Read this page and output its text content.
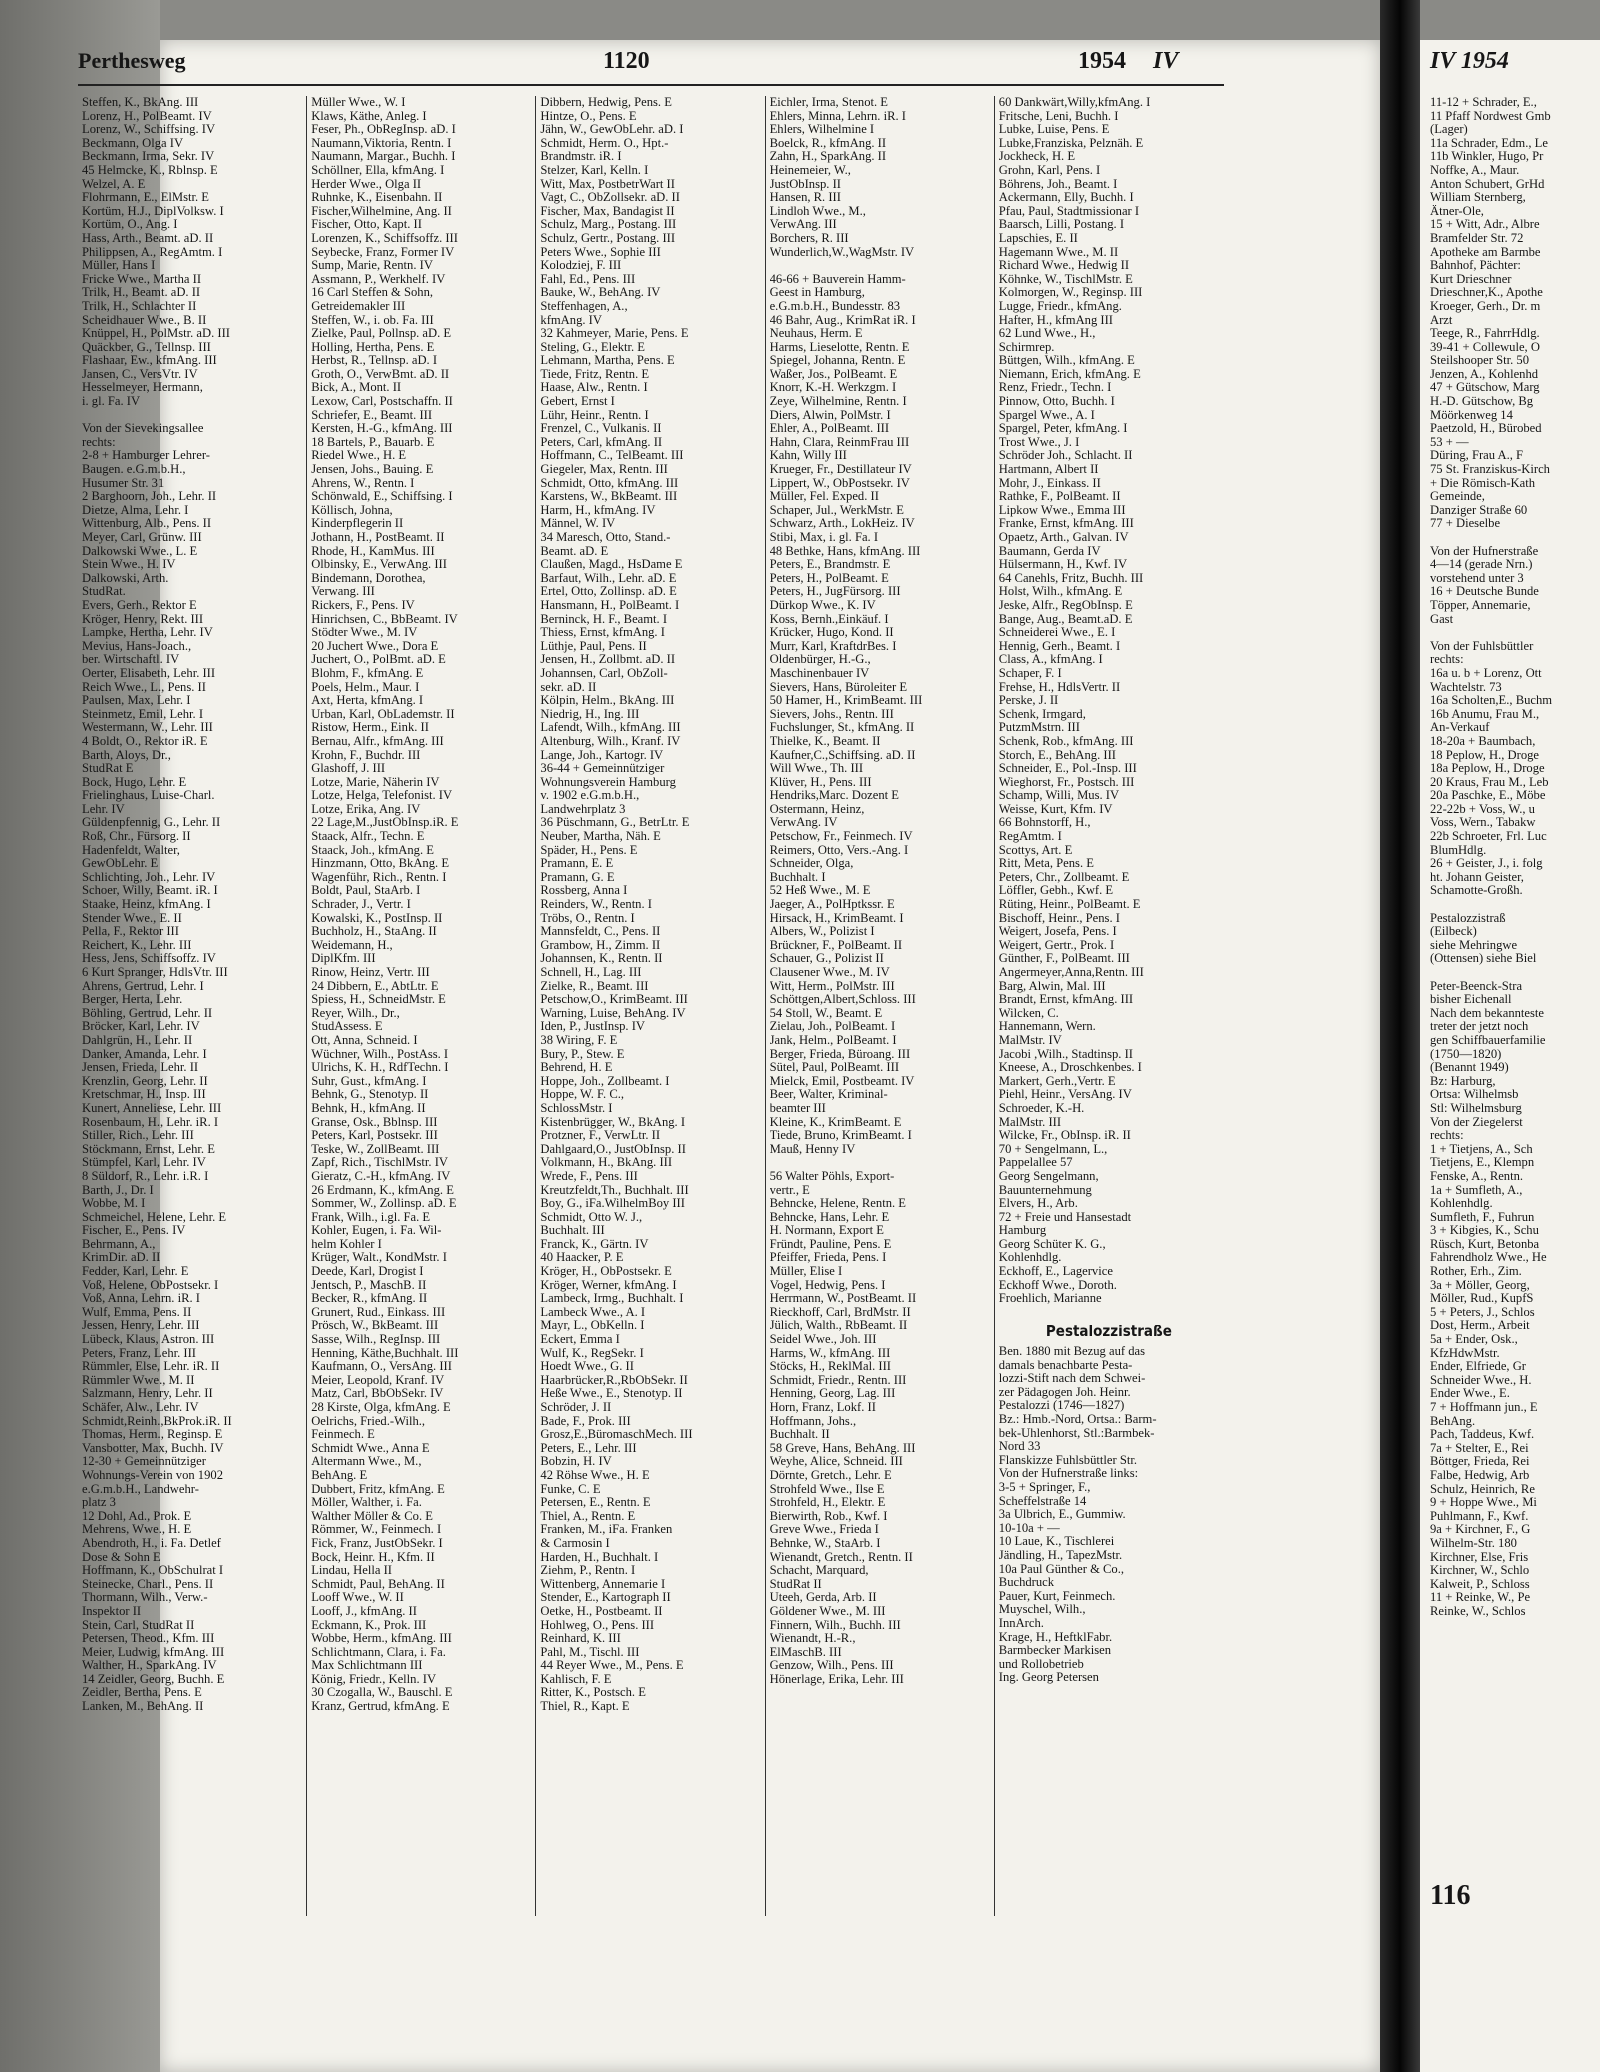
Perthesweg	1120	1954 IV
Steffen, K., BkAng. III
Lorenz, H., PolBeamt. IV
Lorenz, W., Schiffsing. IV
Beckmann, Olga IV
Beckmann, Irma, Sekr. IV
45 Helmcke, K., Rblnsp. E
Welzel, A. E
Flohrmann, E., ElMstr. E
Kortüm, H.J., DiplVolksw. I
Kortüm, O., Ang. I
Hass, Arth., Beamt. aD. II
Philippsen, A., RegAmtm. I
Müller, Hans I
Fricke Wwe., Martha II
Trilk, H., Beamt. aD. II
Trilk, H., Schlachter II
Scheidhauer Wwe., B. II
Knüppel, H., PolMstr. aD. III
Quäckber, G., Tellnsp. III
Flashaar, Ew., kfmAng. III
Jansen, C., VersVtr. IV
Hesselmeyer, Hermann,
i. gl. Fa. IV

Von der Sievekingsallee
rechts:
2-8 + Hamburger Lehrer-
Baugen. e.G.m.b.H.,
Husumer Str. 31
2 Barghoorn, Joh., Lehr. II
Dietze, Alma, Lehr. I
Wittenburg, Alb., Pens. II
Meyer, Carl, Grünw. III
Dalkowski Wwe., L. E
Stein Wwe., H. IV
Dalkowski, Arth.
StudRat.
Evers, Gerh., Rektor E
Kröger, Henry, Rekt. III
Lampke, Hertha, Lehr. IV
Mevius, Hans-Joach.,
ber. Wirtschaftl. IV
Oerter, Elisabeth, Lehr. III
Reich Wwe., L., Pens. II
Paulsen, Max, Lehr. I
Steinmetz, Emil, Lehr. I
Westermann, W., Lehr. III
4 Boldt, O., Rektor iR. E
Barth, Aloys, Dr.,
StudRat E
Bock, Hugo, Lehr. E
Frielinghaus, Luise-Charl.
Lehr. IV
Güldenpfennig, G., Lehr. II
Roß, Chr., Fürsorg. II
Hadenfeldt, Walter,
GewObLehr. E
Schlichting, Joh., Lehr. IV
Schoer, Willy, Beamt. iR. I
Staake, Heinz, kfmAng. I
Stender Wwe., E. II
Pella, F., Rektor III
Reichert, K., Lehr. III
Hess, Jens, Schiffsoffz. IV
6 Kurt Spranger, HdlsVtr. III
Ahrens, Gertrud, Lehr. I
Berger, Herta, Lehr.
Böhling, Gertrud, Lehr. II
Bröcker, Karl, Lehr. IV
Dahlgrün, H., Lehr. II
Danker, Amanda, Lehr. I
Jensen, Frieda, Lehr. II
Krenzlin, Georg, Lehr. II
Kretschmar, H., Insp. III
Kunert, Anneliese, Lehr. III
Rosenbaum, H., Lehr. iR. I
Stiller, Rich., Lehr. III
Stöckmann, Ernst, Lehr. E
Stümpfel, Karl, Lehr. IV
8 Süldorf, R., Lehr. i.R. I
Barth, J., Dr. I
Wobbe, M. I
Schmeichel, Helene, Lehr. E
Fischer, E., Pens. IV
Behrmann, A.,
KrimDir. aD. II
Fedder, Karl, Lehr. E
Voß, Helene, ObPostsekr. I
Voß, Anna, Lehrn. iR. I
Wulf, Emma, Pens. II
Jessen, Henry, Lehr. III
Lübeck, Klaus, Astron. III
Peters, Franz, Lehr. III
Rümmler, Else, Lehr. iR. II
Rümmler Wwe., M. II
Salzmann, Henry, Lehr. II
Schäfer, Alw., Lehr. IV
Schmidt,Reinh.,BkProk.iR. II
Thomas, Herm., Reginsp. E
Vansbotter, Max, Buchh. IV
12-30 + Gemeinnütziger
Wohnungs-Verein von 1902
e.G.m.b.H., Landwehr-
platz 3
12 Dohl, Ad., Prok. E
Mehrens, Wwe., H. E
Abendroth, H., i. Fa. Detlef
Dose & Sohn E
Hoffmann, K., ObSchulrat I
Steinecke, Charl., Pens. II
Thormann, Wilh., Verw.-
Inspektor II
Stein, Carl, StudRat II
Petersen, Theod., Kfm. III
Meier, Ludwig, kfmAng. III
Walther, H., SparkAng. IV
14 Zeidler, Georg, Buchh. E
Zeidler, Bertha, Pens. E
Lanken, M., BehAng. II
Müller Wwe., W. I
Klaws, Käthe, Anleg. I
Feser, Ph., ObRegInsp. aD. I
Naumann,Viktoria, Rentn. I
Naumann, Margar., Buchh. I
Schöllner, Ella, kfmAng. I
Herder Wwe., Olga II
Ruhnke, K., Eisenbahn. II
Fischer,Wilhelmine, Ang. II
Fischer, Otto, Kapt. II
Lorenzen, K., Schiffsoffz. III
Seybecke, Franz, Former IV
Sump, Marie, Rentn. IV
Assmann, P., Werkhelf. IV
16 Carl Steffen & Sohn,
Getreidemakler III
Steffen, W., i. ob. Fa. III
Zielke, Paul, Pollnsp. aD. E
Holling, Hertha, Pens. E
Herbst, R., Tellnsp. aD. I
Groth, O., VerwBmt. aD. II
Bick, A., Mont. II
Lexow, Carl, Postschaffn. II
Schriefer, E., Beamt. III
Kersten, H.-G., kfmAng. III
18 Bartels, P., Bauarb. E
Riedel Wwe., H. E
Jensen, Johs., Bauing. E
Ahrens, W., Rentn. I
Schönwald, E., Schiffsing. I
Köllisch, Johna,
Kinderpflegerin II
Jothann, H., PostBeamt. II
Rhode, H., KamMus. III
Olbinsky, E., VerwAng. III
Bindemann, Dorothea,
Verwang. III
Rickers, F., Pens. IV
Hinrichsen, C., BbBeamt. IV
Stödter Wwe., M. IV
20 Juchert Wwe., Dora E
Juchert, O., PolBmt. aD. E
Blohm, F., kfmAng. E
Poels, Helm., Maur. I
Axt, Herta, kfmAng. I
Urban, Karl, ObLademstr. II
Ristow, Herm., Eink. II
Bernau, Alfr., kfmAng. III
Krohn, F., Buchdr. III
Glashoff, J. III
Lotze, Marie, Näherin IV
Lotze, Helga, Telefonist. IV
Lotze, Erika, Ang. IV
22 Lage,M.,JustObInsp.iR. E
Staack, Alfr., Techn. E
Staack, Joh., kfmAng. E
Hinzmann, Otto, BkAng. E
Wagenführ, Rich., Rentn. I
Boldt, Paul, StaArb. I
Schrader, J., Vertr. I
Kowalski, K., PostInsp. II
Buchholz, H., StaAng. II
Weidemann, H.,
DiplKfm. III
Rinow, Heinz, Vertr. III
24 Dibbern, E., AbtLtr. E
Spiess, H., SchneidMstr. E
Reyer, Wilh., Dr.,
StudAssess. E
Ott, Anna, Schneid. I
Wüchner, Wilh., PostAss. I
Ulrichs, K. H., RdfTechn. I
Suhr, Gust., kfmAng. I
Behnk, G., Stenotyp. II
Behnk, H., kfmAng. II
Granse, Osk., Bblnsp. III
Peters, Karl, Postsekr. III
Teske, W., ZollBeamt. III
Zapf, Rich., TischlMstr. IV
Gieratz, C.-H., kfmAng. IV
26 Erdmann, K., kfmAng. E
Sommer, W., Zollinsp. aD. E
Frank, Wilh., i.gl. Fa. E
Kohler, Eugen, i. Fa. Wil-
helm Kohler I
Krüger, Walt., KondMstr. I
Deede, Karl, Drogist I
Jentsch, P., MaschB. II
Becker, R., kfmAng. II
Grunert, Rud., Einkass. III
Prösch, W., BkBeamt. III
Sasse, Wilh., RegInsp. III
Henning, Käthe,Buchhalt. III
Kaufmann, O., VersAng. III
Meier, Leopold, Kranf. IV
Matz, Carl, BbObSekr. IV
28 Kirste, Olga, kfmAng. E
Oelrichs, Fried.-Wilh.,
Feinmech. E
Schmidt Wwe., Anna E
Altermann Wwe., M.,
BehAng. E
Dubbert, Fritz, kfmAng. E
Möller, Walther, i. Fa.
Walther Möller & Co. E
Römmer, W., Feinmech. I
Fick, Franz, JustObSekr. I
Bock, Heinr. H., Kfm. II
Lindau, Hella II
Schmidt, Paul, BehAng. II
Looff Wwe., W. II
Looff, J., kfmAng. II
Eckmann, K., Prok. III
Wobbe, Herm., kfmAng. III
Schlichtmann, Clara, i. Fa.
Max Schlichtmann III
König, Friedr., Kelln. IV
30 Czogalla, W., Bauschl. E
Kranz, Gertrud, kfmAng. E
Dibbern, Hedwig, Pens. E
Hintze, O., Pens. E
Jähn, W., GewObLehr. aD. I
Schmidt, Herm. O., Hpt.-
Brandmstr. iR. I
Stelzer, Karl, Kelln. I
Witt, Max, PostbetrWart II
Vagt, C., ObZollsekr. aD. II
Fischer, Max, Bandagist II
Schulz, Marg., Postang. III
Schulz, Gertr., Postang. III
Peters Wwe., Sophie III
Kolodziej, F. III
Fahl, Ed., Pens. III
Bauke, W., BehAng. IV
Steffenhagen, A.,
kfmAng. IV
32 Kahmeyer, Marie, Pens. E
Steling, G., Elektr. E
Lehmann, Martha, Pens. E
Tiede, Fritz, Rentn. E
Haase, Alw., Rentn. I
Gebert, Ernst I
Lühr, Heinr., Rentn. I
Frenzel, C., Vulkanis. II
Peters, Carl, kfmAng. II
Hoffmann, C., TelBeamt. III
Giegeler, Max, Rentn. III
Schmidt, Otto, kfmAng. III
Karstens, W., BkBeamt. III
Harm, H., kfmAng. IV
Männel, W. IV
34 Maresch, Otto, Stand.-
Beamt. aD. E
Claußen, Magd., HsDame E
Barfaut, Wilh., Lehr. aD. E
Ertel, Otto, Zollinsp. aD. E
Hansmann, H., PolBeamt. I
Berninck, H. F., Beamt. I
Thiess, Ernst, kfmAng. I
Lüthje, Paul, Pens. II
Jensen, H., Zollbmt. aD. II
Johannsen, Carl, ObZoll-
sekr. aD. II
Kölpin, Helm., BkAng. III
Niedrig, H., Ing. III
Lafendt, Wilh., kfmAng. III
Altenburg, Wilh., Kranf. IV
Lange, Joh., Kartogr. IV
36-44 + Gemeinnütziger
Wohnungsverein Hamburg
v. 1902 e.G.m.b.H.,
Landwehrplatz 3
36 Püschmann, G., BetrLtr. E
Neuber, Martha, Näh. E
Späder, H., Pens. E
Pramann, E. E
Pramann, G. E
Rossberg, Anna I
Reinders, W., Rentn. I
Tröbs, O., Rentn. I
Mannsfeldt, C., Pens. II
Grambow, H., Zimm. II
Johannsen, K., Rentn. II
Schnell, H., Lag. III
Zielke, R., Beamt. III
Petschow,O., KrimBeamt. III
Warning, Luise, BehAng. IV
Iden, P., JustInsp. IV
38 Wiring, F. E
Bury, P., Stew. E
Behrend, H. E
Hoppe, Joh., Zollbeamt. I
Hoppe, W. F. C.,
SchlossMstr. I
Kistenbrügger, W., BkAng. I
Protzner, F., VerwLtr. II
Dahlgaard,O., JustObInsp. II
Volkmann, H., BkAng. III
Wrede, F., Pens. III
Kreutzfeldt,Th., Buchhalt. III
Boy, G., iFa.WilhelmBoy III
Schmidt, Otto W. J.,
Buchhalt. III
Franck, K., Gärtn. IV
40 Haacker, P. E
Kröger, H., ObPostsekr. E
Kröger, Werner, kfmAng. I
Lambeck, Irmg., Buchhalt. I
Lambeck Wwe., A. I
Mayr, L., ObKelln. I
Eckert, Emma I
Wulf, K., RegSekr. I
Hoedt Wwe., G. II
Haarbrücker,R.,RbObSekr. II
Heße Wwe., E., Stenotyp. II
Schröder, J. II
Bade, F., Prok. III
Grosz,E.,BüromaschMech. III
Peters, E., Lehr. III
Bobzin, H. IV
42 Röhse Wwe., H. E
Funke, C. E
Petersen, E., Rentn. E
Thiel, A., Rentn. E
Franken, M., iFa. Franken
& Carmosin I
Harden, H., Buchhalt. I
Ziehm, P., Rentn. I
Wittenberg, Annemarie I
Stender, E., Kartograph II
Oetke, H., Postbeamt. II
Hohlweg, O., Pens. III
Reinhard, K. III
Pahl, M., Tischl. III
44 Reyer Wwe., M., Pens. E
Kahlisch, F. E
Ritter, K., Postsch. E
Thiel, R., Kapt. E
Eichler, Irma, Stenot. E
Ehlers, Minna, Lehrn. iR. I
Ehlers, Wilhelmine I
Boelck, R., kfmAng. II
Zahn, H., SparkAng. II
Heinemeier, W.,
JustObInsp. II
Hansen, R. III
Lindloh Wwe., M.,
VerwAng. III
Borchers, R. III
Wunderlich,W.,WagMstr. IV

46-66 + Bauverein Hamm-
Geest in Hamburg,
e.G.m.b.H., Bundesstr. 83
46 Bahr, Aug., KrimRat iR. I
Neuhaus, Herm. E
Harms, Lieselotte, Rentn. E
Spiegel, Johanna, Rentn. E
Waßer, Jos., PolBeamt. E
Knorr, K.-H. Werkzgm. I
Zeye, Wilhelmine, Rentn. I
Diers, Alwin, PolMstr. I
Ehler, A., PolBeamt. III
Hahn, Clara, ReinmFrau III
Kahn, Willy III
Krueger, Fr., Destillateur IV
Lippert, W., ObPostsekr. IV
Müller, Fel. Exped. II
Schaper, Jul., WerkMstr. E
Schwarz, Arth., LokHeiz. IV
Stibi, Max, i. gl. Fa. I
48 Bethke, Hans, kfmAng. III
Peters, E., Brandmstr. E
Peters, H., PolBeamt. E
Peters, H., JugFürsorg. III
Dürkop Wwe., K. IV
Koss, Bernh.,Einkäuf. I
Krücker, Hugo, Kond. II
Murr, Karl, KraftdrBes. I
Oldenbürger, H.-G.,
Maschinenbauer IV
Sievers, Hans, Büroleiter E
50 Hamer, H., KrimBeamt. III
Sievers, Johs., Rentn. III
Fuchslunger, St., kfmAng. II
Thielke, K., Beamt. II
Kaufner,C.,Schiffsing. aD. II
Will Wwe., Th. III
Klüver, H., Pens. III
Hendriks,Marc. Dozent E
Ostermann, Heinz,
VerwAng. IV
Petschow, Fr., Feinmech. IV
Reimers, Otto, Vers.-Ang. I
Schneider, Olga,
Buchhalt. I
52 Heß Wwe., M. E
Jaeger, A., PolHptkssr. E
Hirsack, H., KrimBeamt. I
Albers, W., Polizist I
Brückner, F., PolBeamt. II
Schauer, G., Polizist II
Clausener Wwe., M. IV
Witt, Herm., PolMstr. III
Schöttgen,Albert,Schloss. III
54 Stoll, W., Beamt. E
Zielau, Joh., PolBeamt. I
Jank, Helm., PolBeamt. I
Berger, Frieda, Büroang. III
Sütel, Paul, PolBeamt. III
Mielck, Emil, Postbeamt. IV
Beer, Walter, Kriminal-
beamter III
Kleine, K., KrimBeamt. E
Tiede, Bruno, KrimBeamt. I
Mauß, Henny IV

56 Walter Pöhls, Export-
vertr., E
Behncke, Helene, Rentn. E
Behncke, Hans, Lehr. E
H. Normann, Export E
Fründt, Pauline, Pens. E
Pfeiffer, Frieda, Pens. I
Müller, Elise I
Vogel, Hedwig, Pens. I
Herrmann, W., PostBeamt. II
Rieckhoff, Carl, BrdMstr. II
Jülich, Walth., RbBeamt. II
Seidel Wwe., Joh. III
Harms, W., kfmAng. III
Stöcks, H., ReklMal. III
Schmidt, Friedr., Rentn. III
Henning, Georg, Lag. III
Horn, Franz, Lokf. II
Hoffmann, Johs.,
Buchhalt. II
58 Greve, Hans, BehAng. III
Weyhe, Alice, Schneid. III
Dörnte, Gretch., Lehr. E
Strohfeld Wwe., Ilse E
Strohfeld, H., Elektr. E
Bierwirth, Rob., Kwf. I
Greve Wwe., Frieda I
Behnke, W., StaArb. I
Wienandt, Gretch., Rentn. II
Schacht, Marquard,
StudRat II
Uteeh, Gerda, Arb. II
Göldener Wwe., M. III
Finnern, Wilh., Buchh. III
Wienandt, H.-R.,
ElMaschB. III
Genzow, Wilh., Pens. III
Hönerlage, Erika, Lehr. III
60 Dankwärt,Willy,kfmAng. I
Fritsche, Leni, Buchh. I
Lubke, Luise, Pens. E
Lubke,Franziska, Pelznäh. E
Jockheck, H. E
Grohn, Karl, Pens. I
Böhrens, Joh., Beamt. I
Ackermann, Elly, Buchh. I
Pfau, Paul, Stadtmissionar I
Baarsch, Lilli, Postang. I
Lapschies, E. II
Hagemann Wwe., M. II
Richard Wwe., Hedwig II
Köhnke, W., TischlMstr. E
Kolmorgen, W., Reginsp. III
Lugge, Friedr., kfmAng.
Hafter, H., kfmAng III
62 Lund Wwe., H.,
Schirmrep.
Büttgen, Wilh., kfmAng. E
Niemann, Erich, kfmAng. E
Renz, Friedr., Techn. I
Pinnow, Otto, Buchh. I
Spargel Wwe., A. I
Spargel, Peter, kfmAng. I
Trost Wwe., J. I
Schröder Joh., Schlacht. II
Hartmann, Albert II
Mohr, J., Einkass. II
Rathke, F., PolBeamt. II
Lipkow Wwe., Emma III
Franke, Ernst, kfmAng. III
Opaetz, Arth., Galvan. IV
Baumann, Gerda IV
Hülsermann, H., Kwf. IV
64 Canehls, Fritz, Buchh. III
Holst, Wilh., kfmAng. E
Jeske, Alfr., RegObInsp. E
Bange, Aug., Beamt.aD. E
Schneiderei Wwe., E. I
Hennig, Gerh., Beamt. I
Class, A., kfmAng. I
Schaper, F. I
Frehse, H., HdlsVertr. II
Perske, J. II
Schenk, Irmgard,
PutzmMstrn. III
Schenk, Rob., kfmAng. III
Storch, E., BehAng. III
Schneider, E., Pol.-Insp. III
Wieghorst, Fr., Postsch. III
Schamp, Willi, Mus. IV
Weisse, Kurt, Kfm. IV
66 Bohnstorff, H.,
RegAmtm. I
Scottys, Art. E
Ritt, Meta, Pens. E
Peters, Chr., Zollbeamt. E
Löffler, Gebh., Kwf. E
Rüting, Heinr., PolBeamt. E
Bischoff, Heinr., Pens. I
Weigert, Josefa, Pens. I
Weigert, Gertr., Prok. I
Günther, F., PolBeamt. III
Angermeyer,Anna,Rentn. III
Barg, Alwin, Mal. III
Brandt, Ernst, kfmAng. III
Wilcken, C.
Hannemann, Wern.
MalMstr. IV
Jacobi ,Wilh., Stadtinsp. II
Kneese, A., Droschkenbes. I
Markert, Gerh.,Vertr. E
Piehl, Heinr., VersAng. IV
Schroeder, K.-H.
MalMstr. III
Wilcke, Fr., ObInsp. iR. II
70 + Sengelmann, L.,
Pappelallee 57
Georg Sengelmann,
Bauunternehmung
Elvers, H., Arb.
72 + Freie und Hansestadt
Hamburg
Georg Schüter K. G.,
Kohlenhdlg.
Eckhoff, E., Lagervice
Eckhoff Wwe., Doroth.
Froehlich, Marianne

Pestalozzistraße
Ben. 1880 mit Bezug auf das
damals benachbarte Pesta-
lozzi-Stift nach dem Schwei-
zer Pädagogen Joh. Heinr.
Pestalozzi (1746—1827)
Bz.: Hmb.-Nord, Ortsa.: Barm-
bek-Uhlenhorst, Stl.:Barmbek-
Nord 33
Flanskizze Fuhlsbüttler Str.
Von der Hufnerstraße links:
3-5 + Springer, F.,
Scheffelstraße 14
3a Ulbrich, E., Gummiw.
10-10a + —
10 Laue, K., Tischlerei
Jändling, H., TapezMstr.
10a Paul Günther & Co.,
Buchdruck
Pauer, Kurt, Feinmech.
Muyschel, Wilh.,
InnArch.
Krage, H., HeftklFabr.
Barmbecker Markisen
und Rollobetrieb
Ing. Georg Petersen
IV 1954
11-12 + Schrader, E.,
11 Pfaff Nordwest Gmb
(Lager)
11a Schrader, Edm., Le
11b Winkler, Hugo, Pr
Noffke, A., Maur.
Anton Schubert, GrHd
William Sternberg,
Ätner-Ole,
15 + Witt, Adr., Albre
Bramfelder Str. 72
Apotheke am Barmbe
Bahnhof, Pächter:
Kurt Drieschner
Drieschner,K., Apothe
Kroeger, Gerh., Dr. m
Arzt
Teege, R., FahrrHdlg.
39-41 + Collewule, O
Steilshooper Str. 50
Jenzen, A., Kohlenhd
47 + Gütschow, Marg
H.-D. Gütschow, Bg
Möörkenweg 14
Paetzold, H., Bürobed
53 + —
Düring, Frau A., F
75 St. Franziskus-Kirch
+ Die Römisch-Kath
Gemeinde,
Danziger Straße 60
77 + Dieselbe

Von der Hufnerstraße
4—14 (gerade Nrn.)
vorstehend unter 3
16 + Deutsche Bunde
Töpper, Annemarie,
Gast

Von der Fuhlsbüttler
rechts:
16a u. b + Lorenz, Ott
Wachtelstr. 73
16a Scholten,E., Buchm
16b Anumu, Frau M.,
An-Verkauf
18-20a + Baumbach,
18 Peplow, H., Droge
18a Peplow, H., Droge
20 Kraus, Frau M., Leb
20a Paschke, E., Möbe
22-22b + Voss, W., u
Voss, Wern., Tabakw
22b Schroeter, Frl. Luc
BlumHdlg.
26 + Geister, J., i. folg
ht. Johann Geister,
Schamotte-Großh.

Pestalozzistraß
(Eilbeck)
siehe Mehringwe
(Ottensen) siehe Biel

Peter-Beenck-Stra
bisher Eichenall
Nach dem bekannteste
treter der jetzt noch
gen Schiffbauerfamilie
(1750—1820)
(Benannt 1949)
Bz: Harburg,
Ortsa: Wilhelmsb
Stl: Wilhelmsburg
Von der Ziegelerst
rechts:
1 + Tietjens, A., Sch
Tietjens, E., Klempn
Fenske, A., Rentn.
1a + Sumfleth, A.,
Kohlenhdlg.
Sumfleth, F., Fuhrun
3 + Kibgies, K., Schu
Rüsch, Kurt, Betonba
Fahrendholz Wwe., He
Rother, Erh., Zim.
3a + Möller, Georg,
Möller, Rud., KupfS
5 + Peters, J., Schlos
Dost, Herm., Arbeit
5a + Ender, Osk.,
KfzHdwMstr.
Ender, Elfriede, Gr
Schneider Wwe., H.
Ender Wwe., E.
7 + Hoffmann jun., E
BehAng.
Pach, Taddeus, Kwf.
7a + Stelter, E., Rei
Böttger, Frieda, Rei
Falbe, Hedwig, Arb
Schulz, Heinrich, Re
9 + Hoppe Wwe., Mi
Puhlmann, F., Kwf.
9a + Kirchner, F., G
Wilhelm-Str. 180
Kirchner, Else, Fris
Kirchner, W., Schlo
Kalweit, P., Schloss
11 + Reinke, W., Pe
Reinke, W., Schlos
116
